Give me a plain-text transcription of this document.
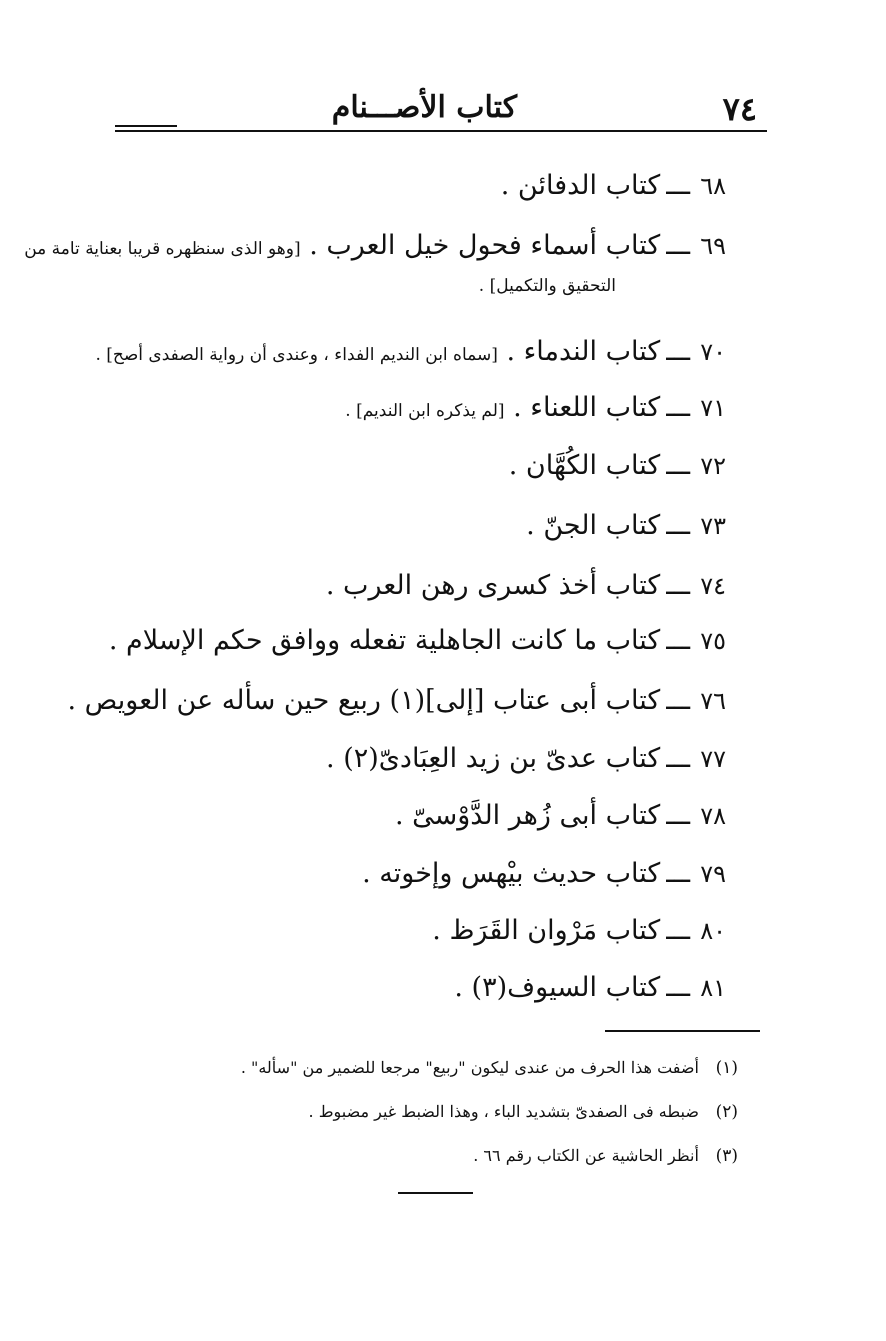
٧٤
كتاب الأصـــنام
٦٨ـــكتاب الدفائن .
٦٩ـــكتاب أسماء فحول خيل العرب . [وهو الذى سنظهره قريبا بعناية تامة من
التحقيق والتكميل] .
٧٠ـــكتاب الندماء . [سماه ابن النديم الفداء ، وعندى أن رواية الصفدى أصح] .
٧١ـــكتاب اللعناء . [لم يذكره ابن النديم] .
٧٢ـــكتاب الكُهَّان .
٧٣ـــكتاب الجنّ .
٧٤ـــكتاب أخذ كسرى رهن العرب .
٧٥ـــكتاب ما كانت الجاهلية تفعله ووافق حكم الإسلام .
٧٦ـــكتاب أبى عتاب [إلى](١) ربيع حين سأله عن العويص .
٧٧ـــكتاب عدىّ بن زيد العِبَادىّ(٢) .
٧٨ـــكتاب أبى زُهر الدَّوْسىّ .
٧٩ـــكتاب حديث بيْهس وإخوته .
٨٠ـــكتاب مَرْوان القَرَظ .
٨١ـــكتاب السيوف(٣) .
(١) أضفت هذا الحرف من عندى ليكون "ربيع" مرجعا للضمير من "سأله" .
(٢) ضبطه فى الصفدىّ بتشديد الباء ، وهذا الضبط غير مضبوط .
(٣) أنظر الحاشية عن الكتاب رقم ٦٦ .
